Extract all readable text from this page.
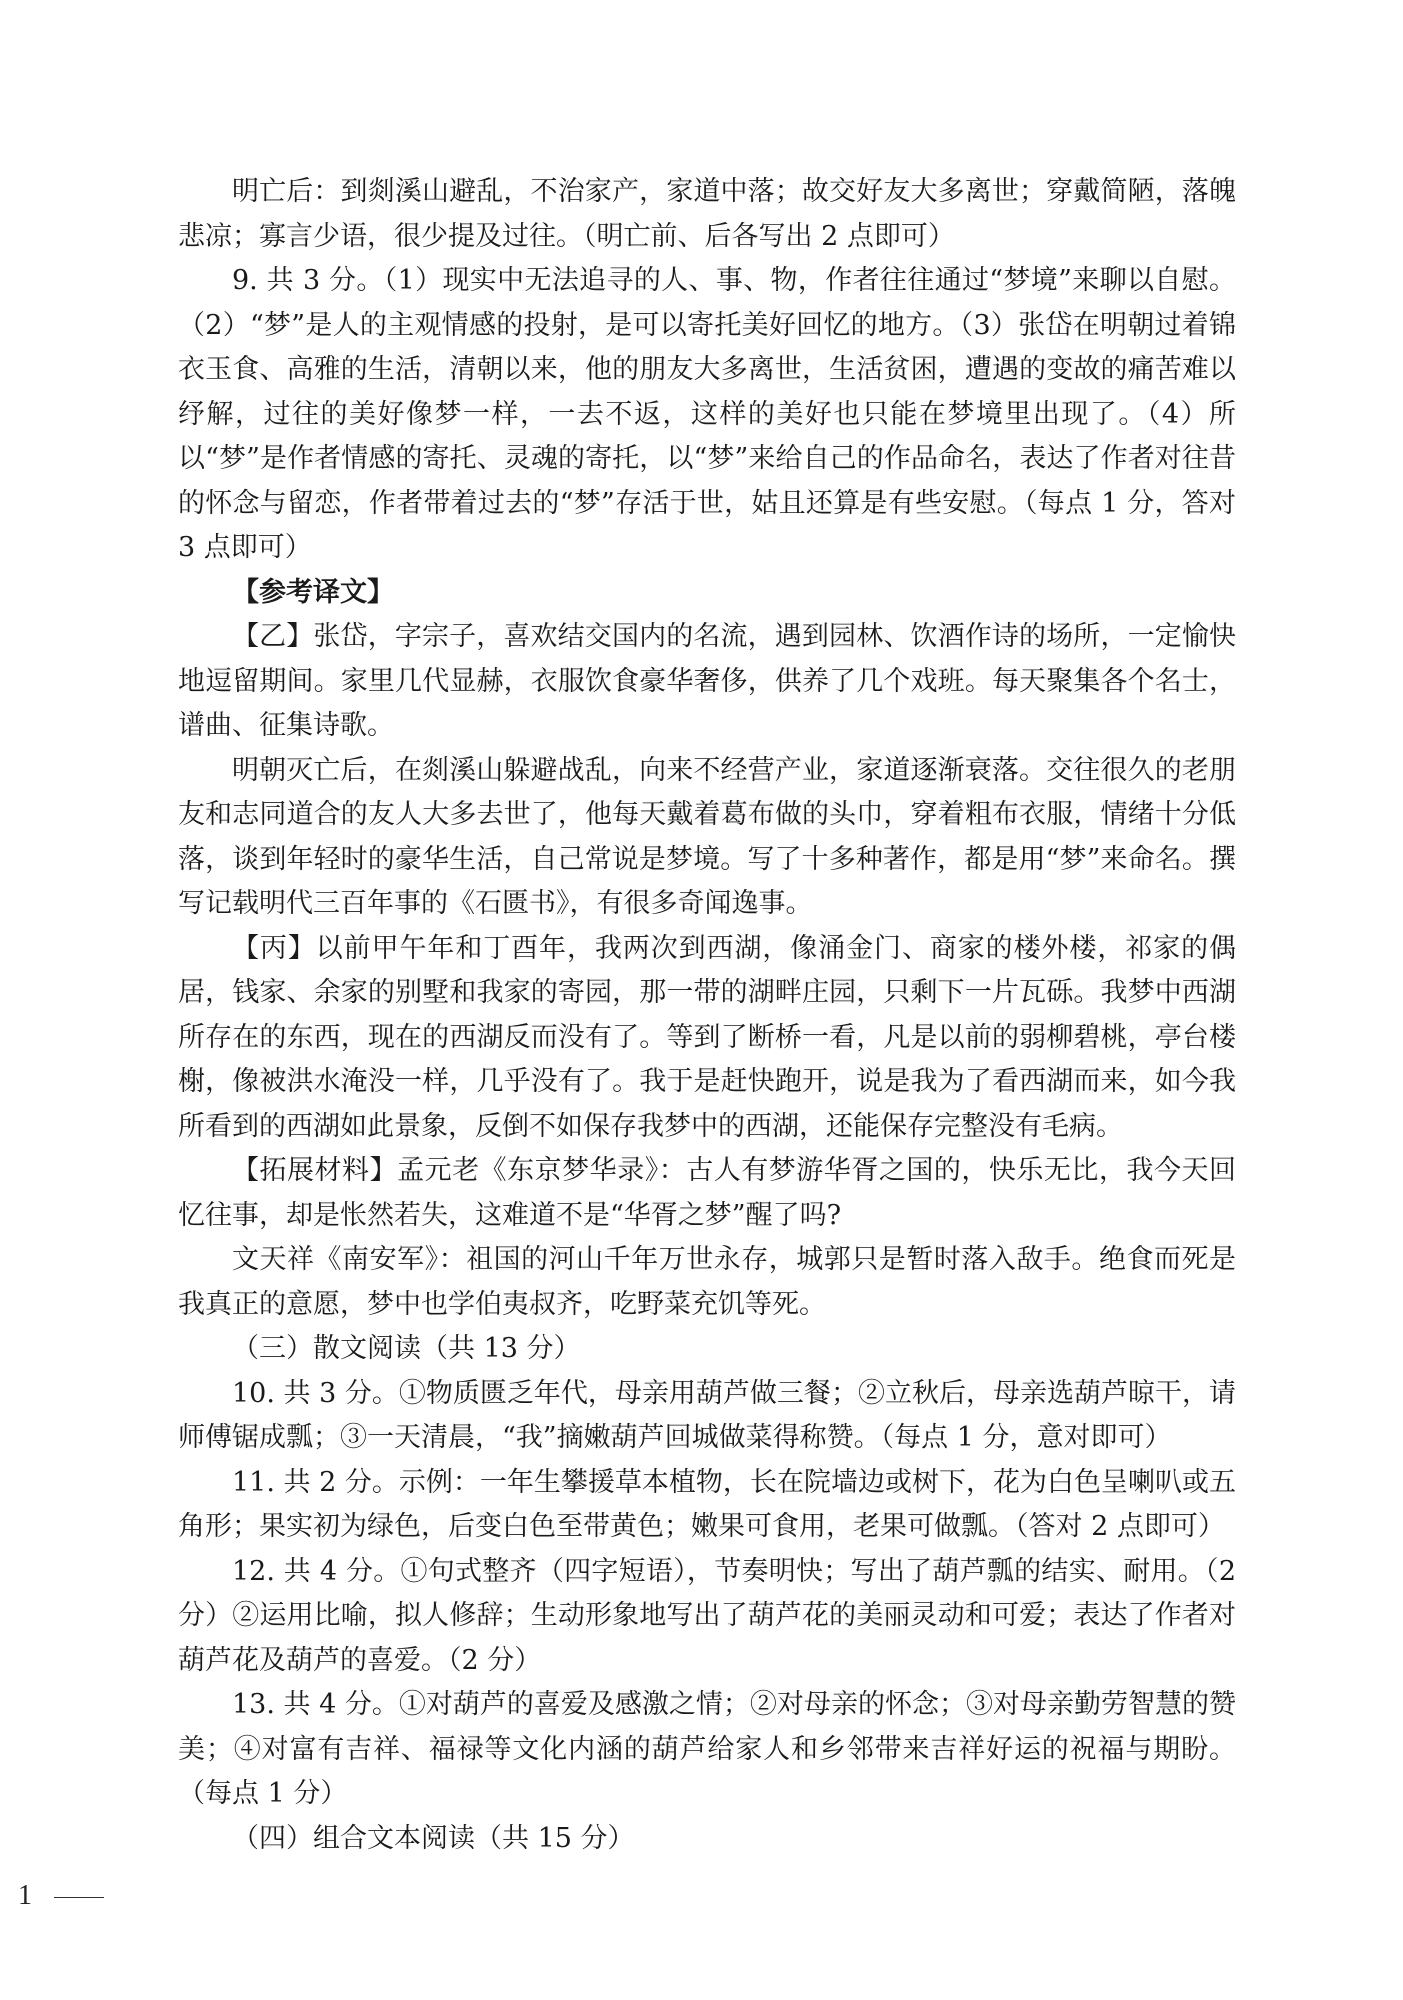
明亡后：到剡溪山避乱，不治家产，家道中落；故交好友大多离世；穿戴简陋，落魄悲凉；寡言少语，很少提及过往。（明亡前、后各写出 2 点即可）

9. 共 3 分。（1）现实中无法追寻的人、事、物，作者往往通过“梦境”来聊以自慰。（2）“梦”是人的主观情感的投射，是可以寄托美好回忆的地方。（3）张岱在明朝过着锦衣玉食、高雅的生活，清朝以来，他的朋友大多离世，生活贫困，遭遇的变故的痛苦难以纾解，过往的美好像梦一样，一去不返，这样的美好也只能在梦境里出现了。（4）所以“梦”是作者情感的寄托、灵魂的寄托，以“梦”来给自己的作品命名，表达了作者对往昔的怀念与留恋，作者带着过去的“梦”存活于世，姑且还算是有些安慰。（每点 1 分，答对 3 点即可）

【参考译文】

【乙】张岱，字宗子，喜欢结交国内的名流，遇到园林、饮酒作诗的场所，一定愉快地逗留期间。家里几代显赫，衣服饮食豪华奢侈，供养了几个戏班。每天聚集各个名士，谱曲、征集诗歌。

明朝灭亡后，在剡溪山躲避战乱，向来不经营产业，家道逐渐衰落。交往很久的老朋友和志同道合的友人大多去世了，他每天戴着葛布做的头巾，穿着粗布衣服，情绪十分低落，谈到年轻时的豪华生活，自己常说是梦境。写了十多种著作，都是用“梦”来命名。撰写记载明代三百年事的《石匮书》，有很多奇闻逸事。

【丙】以前甲午年和丁酉年，我两次到西湖，像涌金门、商家的楼外楼，祁家的偶居，钱家、余家的别墅和我家的寄园，那一带的湖畔庄园，只剩下一片瓦砾。我梦中西湖所存在的东西，现在的西湖反而没有了。等到了断桥一看，凡是以前的弱柳碧桃，亭台楼榭，像被洪水淹没一样，几乎没有了。我于是赶快跑开，说是我为了看西湖而来，如今我所看到的西湖如此景象，反倒不如保存我梦中的西湖，还能保存完整没有毛病。

【拓展材料】孟元老《东京梦华录》：古人有梦游华胥之国的，快乐无比，我今天回忆往事，却是怅然若失，这难道不是“华胥之梦”醒了吗?

文天祥《南安军》：祖国的河山千年万世永存，城郭只是暂时落入敌手。绝食而死是我真正的意愿，梦中也学伯夷叔齐，吃野菜充饥等死。

（三）散文阅读（共 13 分）

10. 共 3 分。①物质匮乏年代，母亲用葫芦做三餐；②立秋后，母亲选葫芦晾干，请师傅锯成瓢；③一天清晨，“我”摘嫩葫芦回城做菜得称赞。（每点 1 分，意对即可）

11. 共 2 分。示例：一年生攀援草本植物，长在院墙边或树下，花为白色呈喇叭或五角形；果实初为绿色，后变白色至带黄色；嫩果可食用，老果可做瓢。（答对 2 点即可）

12. 共 4 分。①句式整齐（四字短语），节奏明快；写出了葫芦瓢的结实、耐用。（2 分）②运用比喻，拟人修辞；生动形象地写出了葫芦花的美丽灵动和可爱；表达了作者对葫芦花及葫芦的喜爱。（2 分）

13. 共 4 分。①对葫芦的喜爱及感激之情；②对母亲的怀念；③对母亲勤劳智慧的赞美；④对富有吉祥、福禄等文化内涵的葫芦给家人和乡邻带来吉祥好运的祝福与期盼。（每点 1 分）

（四）组合文本阅读（共 15 分）

1
